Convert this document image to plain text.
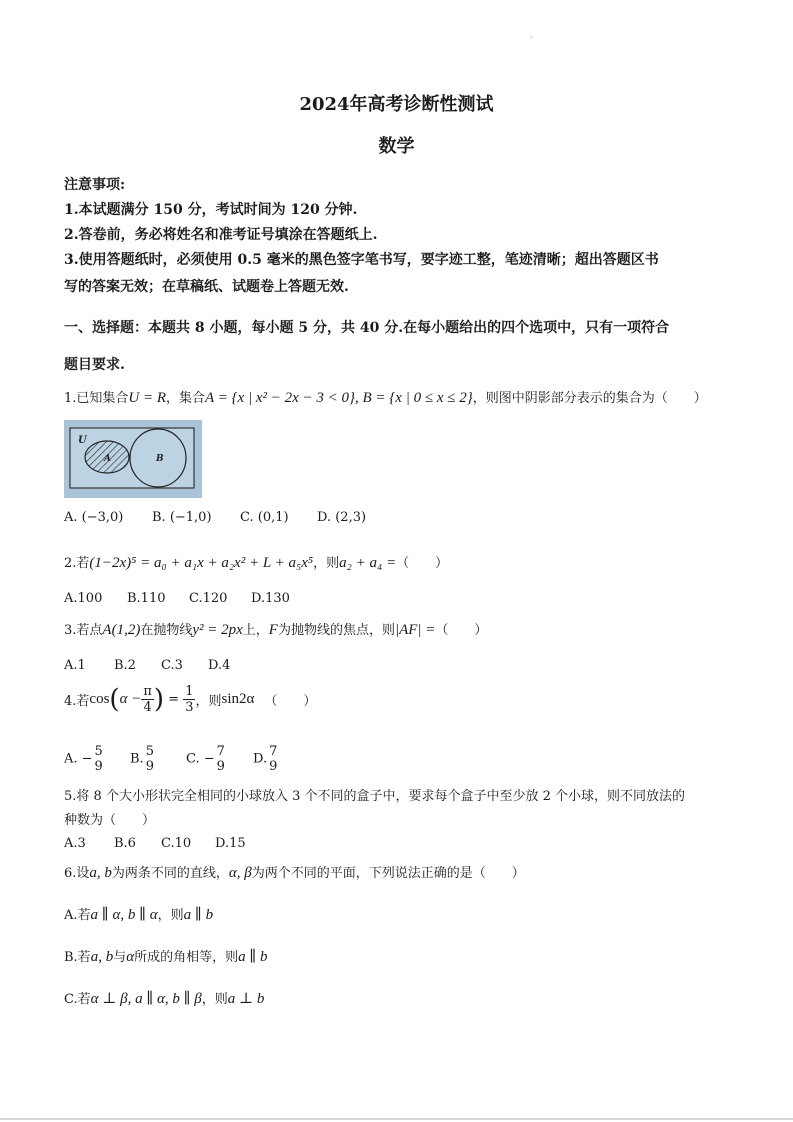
·
2024年高考诊断性测试
数学
注意事项:
1.本试题满分 150 分，考试时间为 120 分钟.
2.答卷前，务必将姓名和准考证号填涂在答题纸上.
3.使用答题纸时，必须使用 0.5 毫米的黑色签字笔书写，要字迹工整，笔迹清晰；超出答题区书
写的答案无效；在草稿纸、试题卷上答题无效.
一、选择题：本题共 8 小题，每小题 5 分，共 40 分.在每小题给出的四个选项中，只有一项符合
题目要求.
1.已知集合U = R，集合A = {x | x² − 2x − 3 < 0}, B = {x | 0 ≤ x ≤ 2}，则图中阴影部分表示的集合为（　　）
U
A	B
A. (−3,0) B. (−1,0) C. (0,1) D. (2,3)
2.若(1−2x)⁵ = a₀ + a₁x + a₂x² + L + a₅x⁵，则a₂ + a₄ =（　　）
A.100 B.110 C.120 D.130
3.若点A(1,2)在抛物线y² = 2px上，F为抛物线的焦点，则|AF| =（　　）
A.1 B.2 C.3 D.4
4.若$\cos(\alpha - \frac{\pi}{4}$ ) = $\frac{1}{3}$ ，则sin2α （　　）
A. − 5
9 B. 5
9 C. − 7
9 D. 7
9
5.将 8 个大小形状完全相同的小球放入 3 个不同的盒子中，要求每个盒子中至少放 2 个小球，则不同放法的
种数为（　　）
A.3 B.6 C.10 D.15
6.设a, b为两条不同的直线，α, β为两个不同的平面，下列说法正确的是（　　）
A.若a ∥ α, b ∥ α，则a ∥ b
B.若a, b与α所成的角相等，则a ∥ b
C.若α ⊥ β, a ∥ α, b ∥ β，则a ⊥ b
